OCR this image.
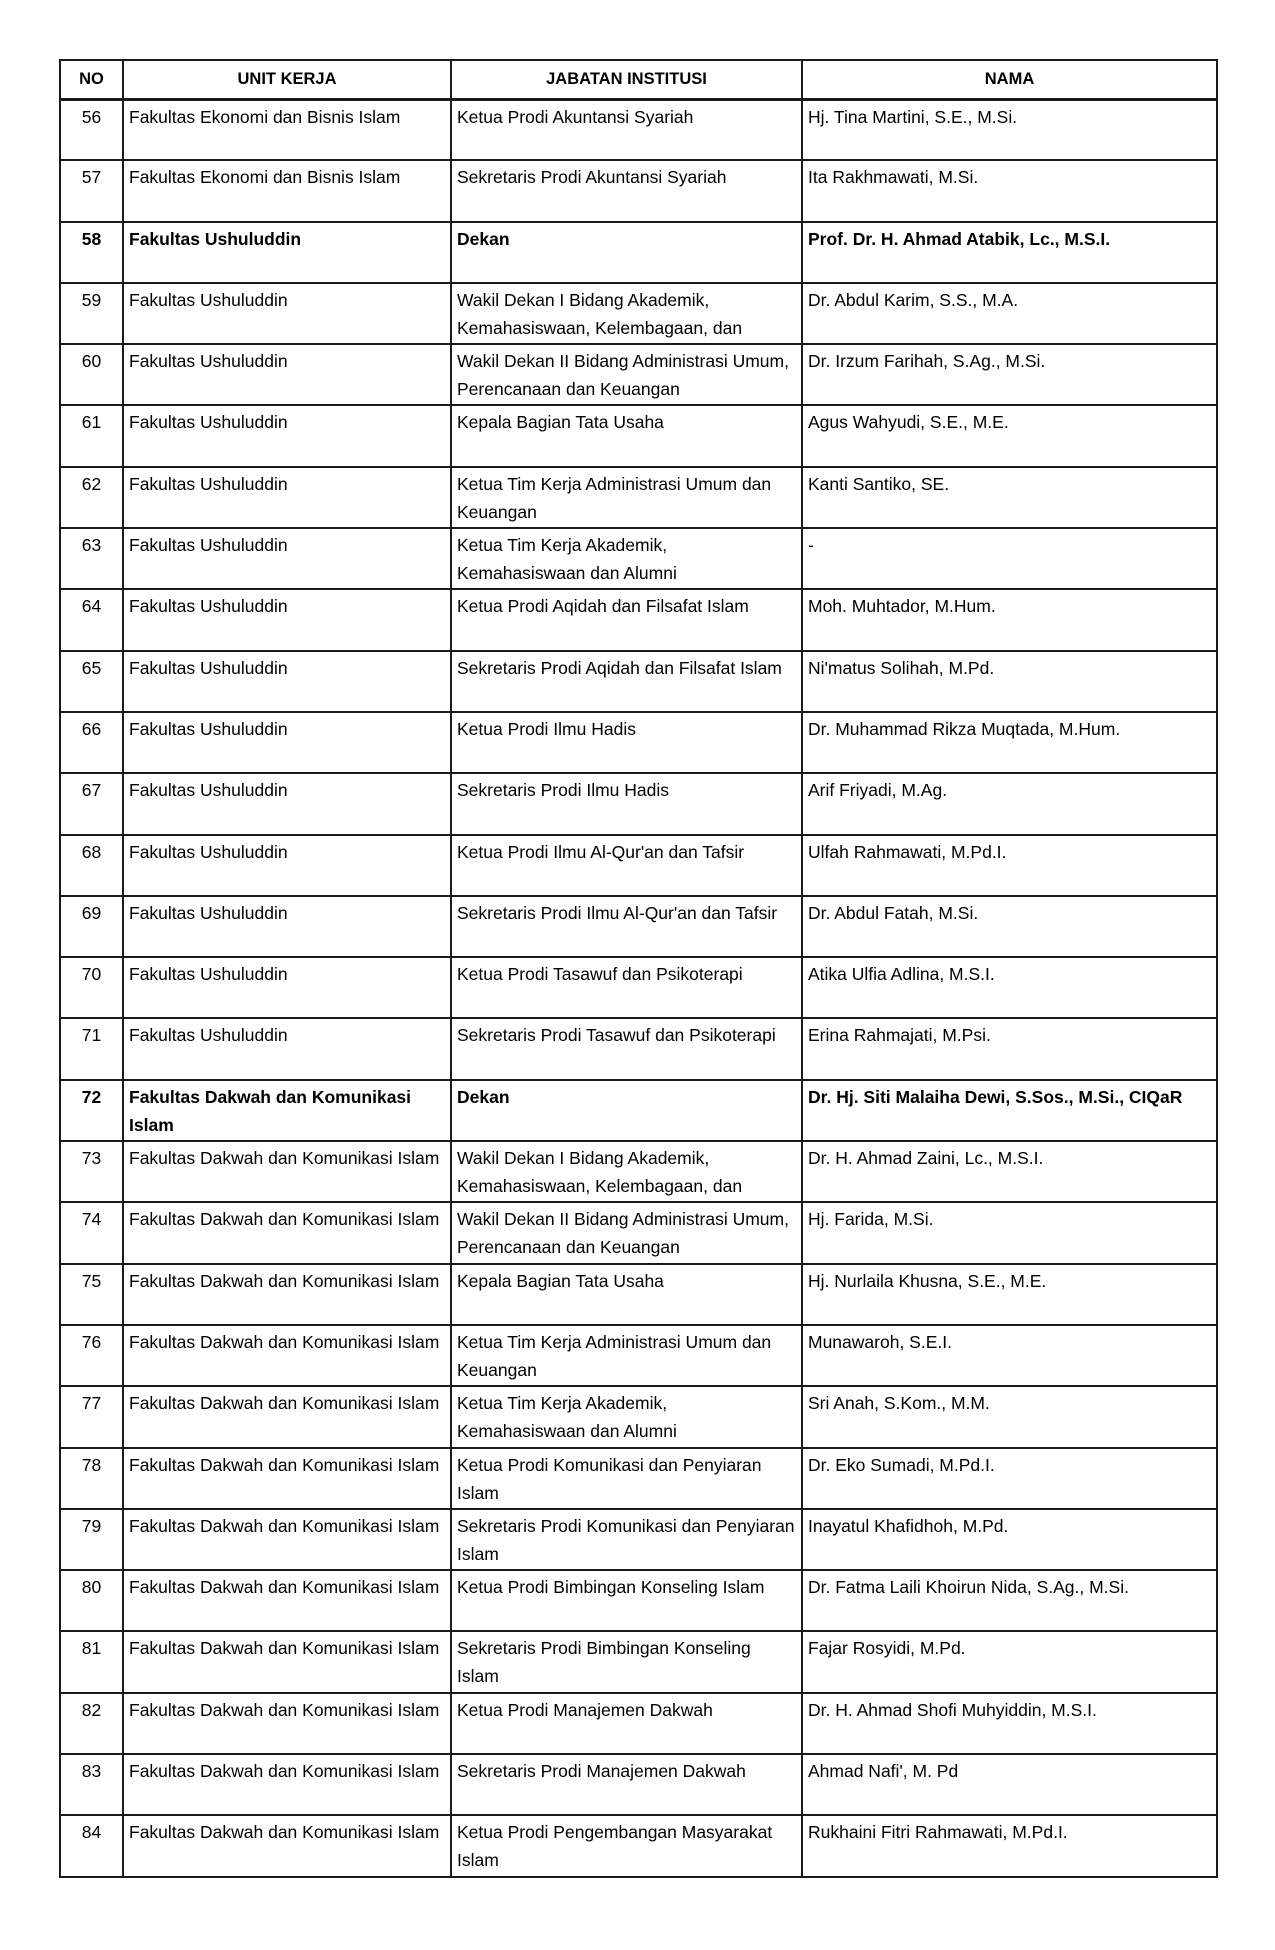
NO	UNIT KERJA	JABATAN INSTITUSI	NAMA
56	Fakultas Ekonomi dan Bisnis Islam	Ketua Prodi Akuntansi Syariah	Hj. Tina Martini, S.E., M.Si.
57	Fakultas Ekonomi dan Bisnis Islam	Sekretaris Prodi Akuntansi Syariah	Ita Rakhmawati, M.Si.
58	Fakultas Ushuluddin	Dekan	Prof. Dr. H. Ahmad Atabik, Lc., M.S.I.
59	Fakultas Ushuluddin	Wakil Dekan I Bidang Akademik, Kemahasiswaan, Kelembagaan, dan	Dr. Abdul Karim, S.S., M.A.
60	Fakultas Ushuluddin	Wakil Dekan II Bidang Administrasi Umum, Perencanaan dan Keuangan	Dr. Irzum Farihah, S.Ag., M.Si.
61	Fakultas Ushuluddin	Kepala Bagian Tata Usaha	Agus Wahyudi, S.E., M.E.
62	Fakultas Ushuluddin	Ketua Tim Kerja Administrasi Umum dan Keuangan	Kanti Santiko, SE.
63	Fakultas Ushuluddin	Ketua Tim Kerja Akademik, Kemahasiswaan dan Alumni	-
64	Fakultas Ushuluddin	Ketua Prodi Aqidah dan Filsafat Islam	Moh. Muhtador, M.Hum.
65	Fakultas Ushuluddin	Sekretaris Prodi Aqidah dan Filsafat Islam	Ni'matus Solihah, M.Pd.
66	Fakultas Ushuluddin	Ketua Prodi Ilmu Hadis	Dr. Muhammad Rikza Muqtada, M.Hum.
67	Fakultas Ushuluddin	Sekretaris Prodi Ilmu Hadis	Arif Friyadi, M.Ag.
68	Fakultas Ushuluddin	Ketua Prodi Ilmu Al-Qur'an dan Tafsir	Ulfah Rahmawati, M.Pd.I.
69	Fakultas Ushuluddin	Sekretaris Prodi Ilmu Al-Qur'an dan Tafsir	Dr. Abdul Fatah, M.Si.
70	Fakultas Ushuluddin	Ketua Prodi Tasawuf dan Psikoterapi	Atika Ulfia Adlina, M.S.I.
71	Fakultas Ushuluddin	Sekretaris Prodi Tasawuf dan Psikoterapi	Erina Rahmajati, M.Psi.
72	Fakultas Dakwah dan Komunikasi Islam	Dekan	Dr. Hj. Siti Malaiha Dewi, S.Sos., M.Si., CIQaR
73	Fakultas Dakwah dan Komunikasi Islam	Wakil Dekan I Bidang Akademik, Kemahasiswaan, Kelembagaan, dan	Dr. H. Ahmad Zaini, Lc., M.S.I.
74	Fakultas Dakwah dan Komunikasi Islam	Wakil Dekan II Bidang Administrasi Umum, Perencanaan dan Keuangan	Hj. Farida, M.Si.
75	Fakultas Dakwah dan Komunikasi Islam	Kepala Bagian Tata Usaha	Hj. Nurlaila Khusna, S.E., M.E.
76	Fakultas Dakwah dan Komunikasi Islam	Ketua Tim Kerja Administrasi Umum dan Keuangan	Munawaroh, S.E.I.
77	Fakultas Dakwah dan Komunikasi Islam	Ketua Tim Kerja Akademik, Kemahasiswaan dan Alumni	Sri Anah, S.Kom., M.M.
78	Fakultas Dakwah dan Komunikasi Islam	Ketua Prodi Komunikasi dan Penyiaran Islam	Dr. Eko Sumadi, M.Pd.I.
79	Fakultas Dakwah dan Komunikasi Islam	Sekretaris Prodi Komunikasi dan Penyiaran Islam	Inayatul Khafidhoh, M.Pd.
80	Fakultas Dakwah dan Komunikasi Islam	Ketua Prodi Bimbingan Konseling Islam	Dr. Fatma Laili Khoirun Nida, S.Ag., M.Si.
81	Fakultas Dakwah dan Komunikasi Islam	Sekretaris Prodi Bimbingan Konseling Islam	Fajar Rosyidi, M.Pd.
82	Fakultas Dakwah dan Komunikasi Islam	Ketua Prodi Manajemen Dakwah	Dr. H. Ahmad Shofi Muhyiddin, M.S.I.
83	Fakultas Dakwah dan Komunikasi Islam	Sekretaris Prodi Manajemen Dakwah	Ahmad Nafi', M. Pd
84	Fakultas Dakwah dan Komunikasi Islam	Ketua Prodi Pengembangan Masyarakat Islam	Rukhaini Fitri Rahmawati, M.Pd.I.
